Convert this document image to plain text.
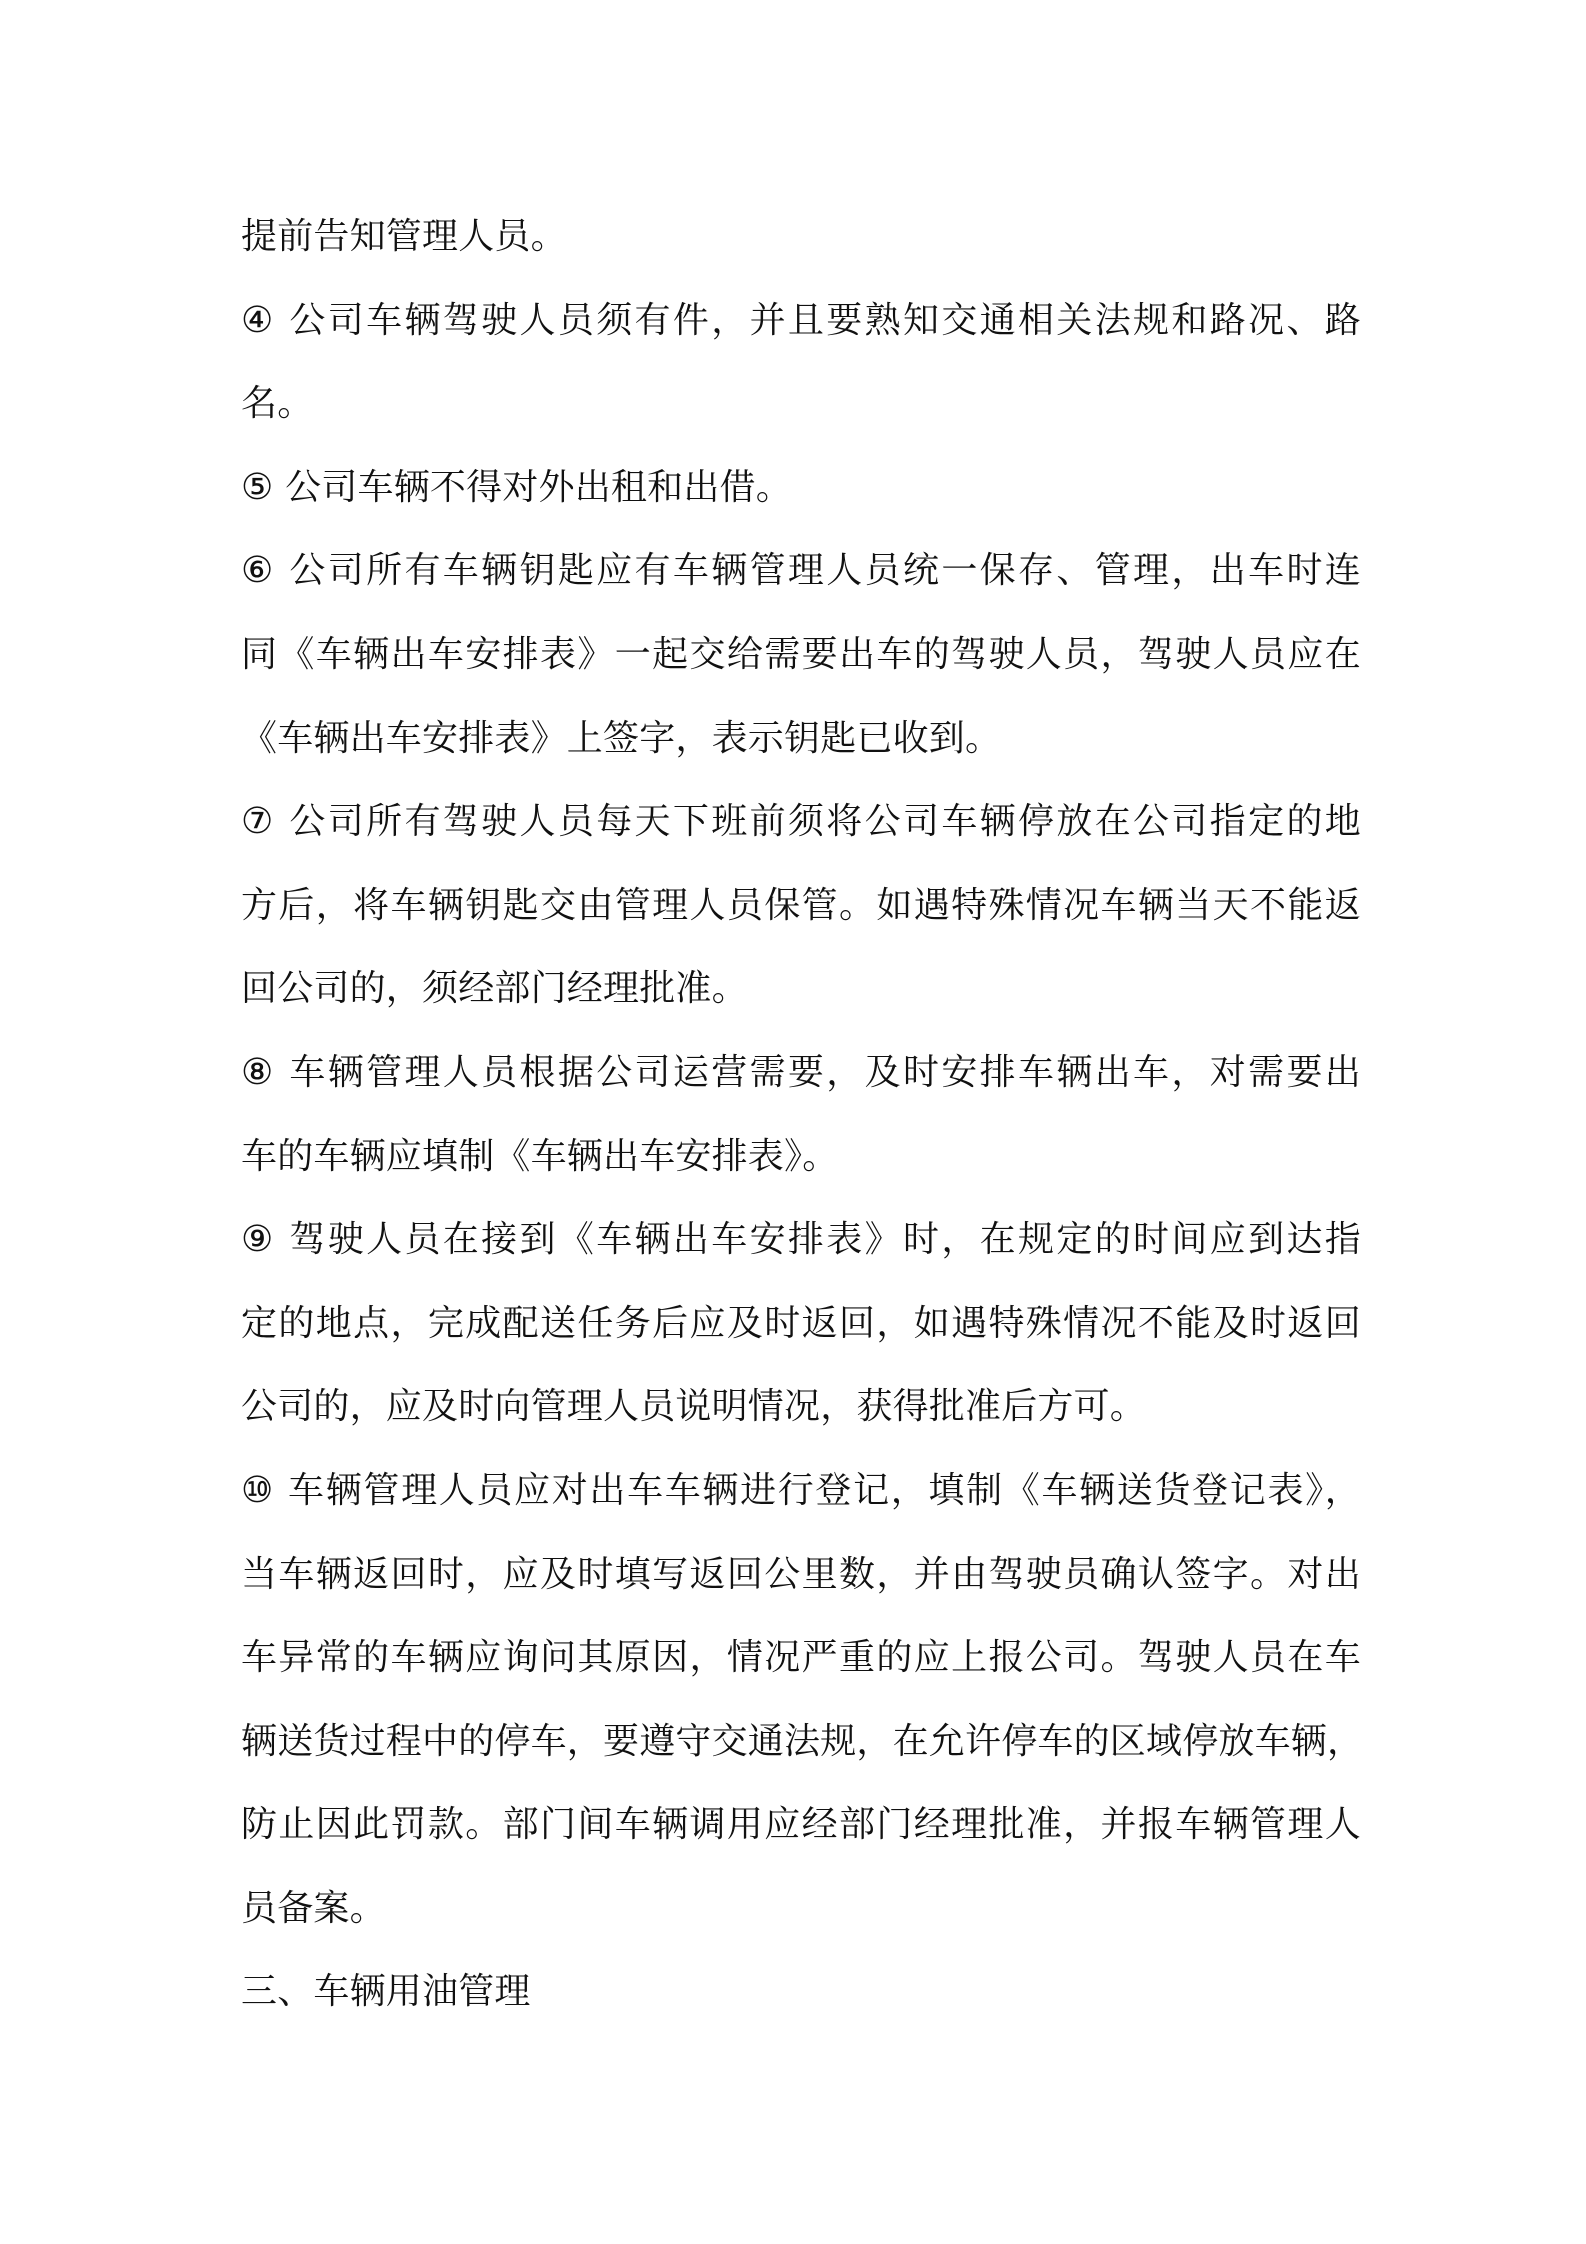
提前告知管理人员。
④ 公司车辆驾驶人员须有件，并且要熟知交通相关法规和路况、路
名。
⑤ 公司车辆不得对外出租和出借。
⑥ 公司所有车辆钥匙应有车辆管理人员统一保存、管理，出车时连
同《车辆出车安排表》一起交给需要出车的驾驶人员，驾驶人员应在
《车辆出车安排表》上签字，表示钥匙已收到。
⑦ 公司所有驾驶人员每天下班前须将公司车辆停放在公司指定的地
方后，将车辆钥匙交由管理人员保管。如遇特殊情况车辆当天不能返
回公司的，须经部门经理批准。
⑧ 车辆管理人员根据公司运营需要，及时安排车辆出车，对需要出
车的车辆应填制《车辆出车安排表》。
⑨ 驾驶人员在接到《车辆出车安排表》时，在规定的时间应到达指
定的地点，完成配送任务后应及时返回，如遇特殊情况不能及时返回
公司的，应及时向管理人员说明情况，获得批准后方可。
⑩ 车辆管理人员应对出车车辆进行登记，填制《车辆送货登记表》，
当车辆返回时，应及时填写返回公里数，并由驾驶员确认签字。对出
车异常的车辆应询问其原因，情况严重的应上报公司。驾驶人员在车
辆送货过程中的停车，要遵守交通法规，在允许停车的区域停放车辆，
防止因此罚款。部门间车辆调用应经部门经理批准，并报车辆管理人
员备案。
三、车辆用油管理
